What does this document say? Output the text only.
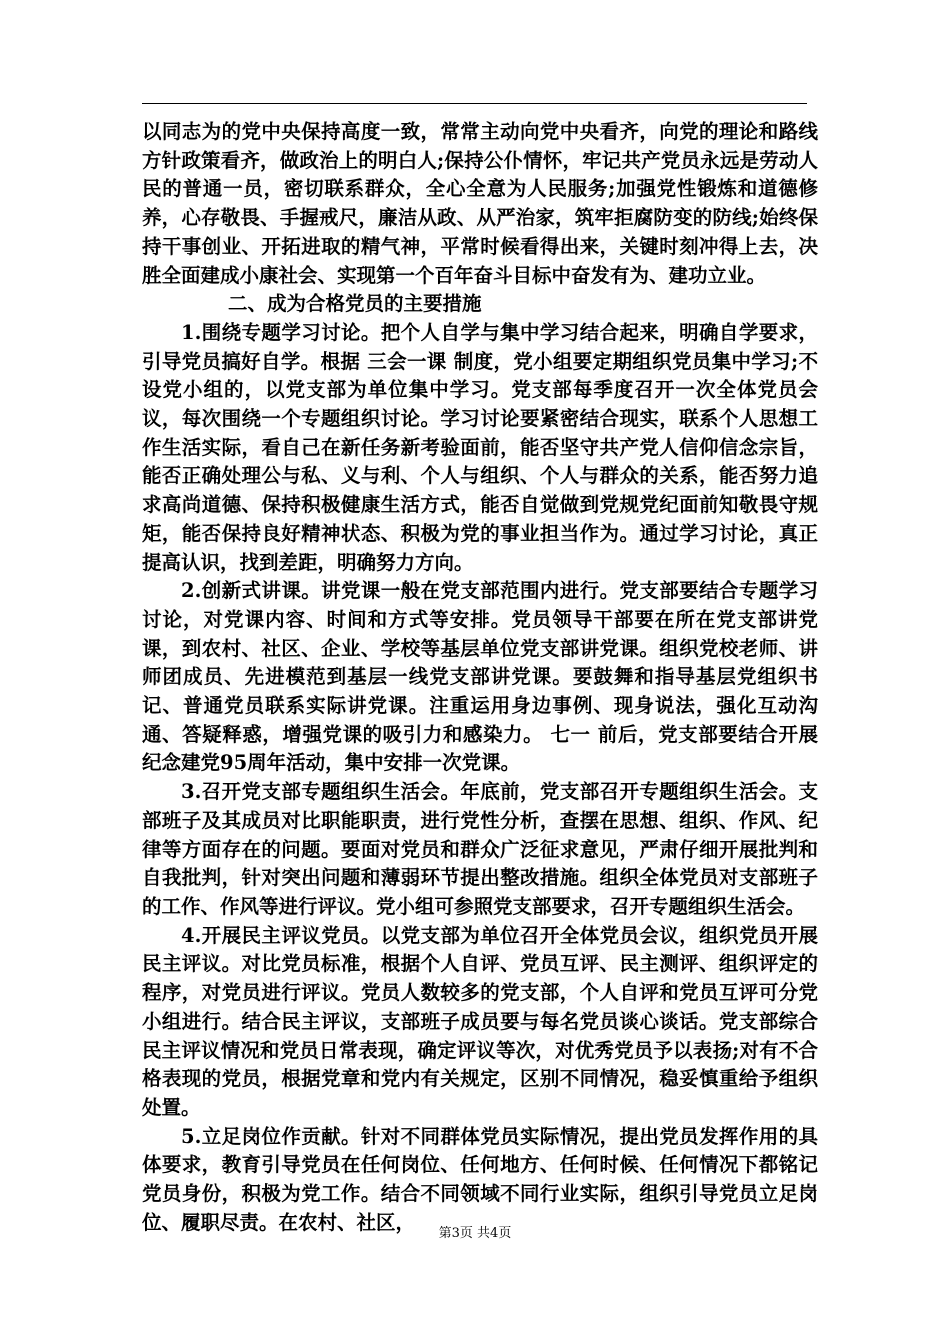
以同志为的党中央保持高度一致，常常主动向党中央看齐，向党的理论和路线方针政策看齐，做政治上的明白人;保持公仆情怀，牢记共产党员永远是劳动人民的普通一员，密切联系群众，全心全意为人民服务;加强党性锻炼和道德修养，心存敬畏、手握戒尺，廉洁从政、从严治家，筑牢拒腐防变的防线;始终保持干事创业、开拓进取的精气神，平常时候看得出来，关键时刻冲得上去，决胜全面建成小康社会、实现第一个百年奋斗目标中奋发有为、建功立业。

二、成为合格党员的主要措施

1.围绕专题学习讨论。把个人自学与集中学习结合起来，明确自学要求，引导党员搞好自学。根据 三会一课 制度，党小组要定期组织党员集中学习;不设党小组的，以党支部为单位集中学习。党支部每季度召开一次全体党员会议，每次围绕一个专题组织讨论。学习讨论要紧密结合现实，联系个人思想工作生活实际，看自己在新任务新考验面前，能否坚守共产党人信仰信念宗旨，能否正确处理公与私、义与利、个人与组织、个人与群众的关系，能否努力追求高尚道德、保持积极健康生活方式，能否自觉做到党规党纪面前知敬畏守规矩，能否保持良好精神状态、积极为党的事业担当作为。通过学习讨论，真正提高认识，找到差距，明确努力方向。

2.创新式讲课。讲党课一般在党支部范围内进行。党支部要结合专题学习讨论，对党课内容、时间和方式等安排。党员领导干部要在所在党支部讲党课，到农村、社区、企业、学校等基层单位党支部讲党课。组织党校老师、讲师团成员、先进模范到基层一线党支部讲党课。要鼓舞和指导基层党组织书记、普通党员联系实际讲党课。注重运用身边事例、现身说法，强化互动沟通、答疑释惑，增强党课的吸引力和感染力。 七一 前后，党支部要结合开展纪念建党95周年活动，集中安排一次党课。

3.召开党支部专题组织生活会。年底前，党支部召开专题组织生活会。支部班子及其成员对比职能职责，进行党性分析，查摆在思想、组织、作风、纪律等方面存在的问题。要面对党员和群众广泛征求意见，严肃仔细开展批判和自我批判，针对突出问题和薄弱环节提出整改措施。组织全体党员对支部班子的工作、作风等进行评议。党小组可参照党支部要求，召开专题组织生活会。

4.开展民主评议党员。以党支部为单位召开全体党员会议，组织党员开展民主评议。对比党员标准，根据个人自评、党员互评、民主测评、组织评定的程序，对党员进行评议。党员人数较多的党支部，个人自评和党员互评可分党小组进行。结合民主评议，支部班子成员要与每名党员谈心谈话。党支部综合民主评议情况和党员日常表现，确定评议等次，对优秀党员予以表扬;对有不合格表现的党员，根据党章和党内有关规定，区别不同情况，稳妥慎重给予组织处置。

5.立足岗位作贡献。针对不同群体党员实际情况，提出党员发挥作用的具体要求，教育引导党员在任何岗位、任何地方、任何时候、任何情况下都铭记党员身份，积极为党工作。结合不同领域不同行业实际，组织引导党员立足岗位、履职尽责。在农村、社区，	第3页 共4页
